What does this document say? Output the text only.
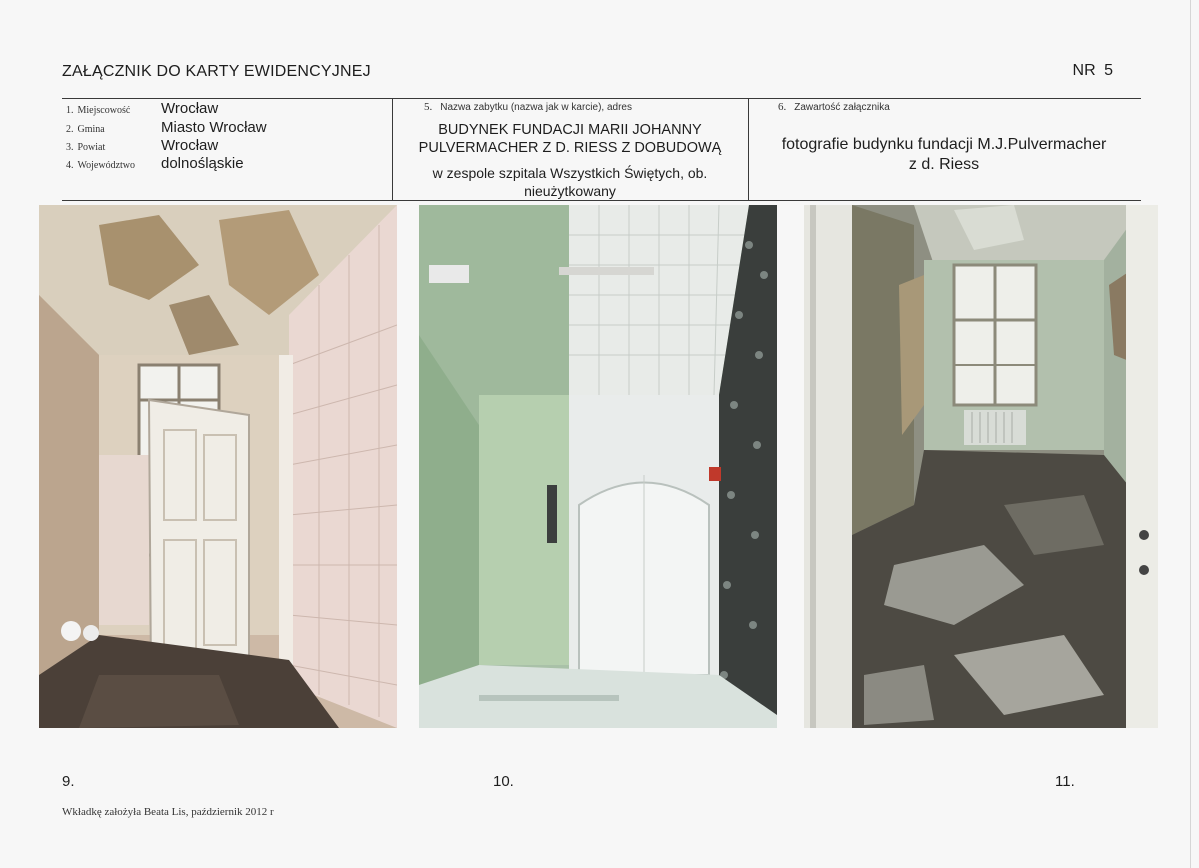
ZAŁĄCZNIK DO KARTY EWIDENCYJNEJ	NR 5
1. Miejscowość	Wrocław
2. Gmina	Miasto Wrocław
3. Powiat	Wrocław
4. Województwo	dolnośląskie
5. Nazwa zabytku (nazwa jak w karcie), adres
BUDYNEK FUNDACJI MARII JOHANNY
PULVERMACHER Z D. RIESS Z DOBUDOWĄ
w zespole szpitala Wszystkich Świętych, ob.
nieużytkowany
6. Zawartość załącznika
fotografie budynku fundacji M.J.Pulvermacher
z d. Riess
9.	10.	11.
Wkładkę założyła Beata Lis, październik 2012 r
